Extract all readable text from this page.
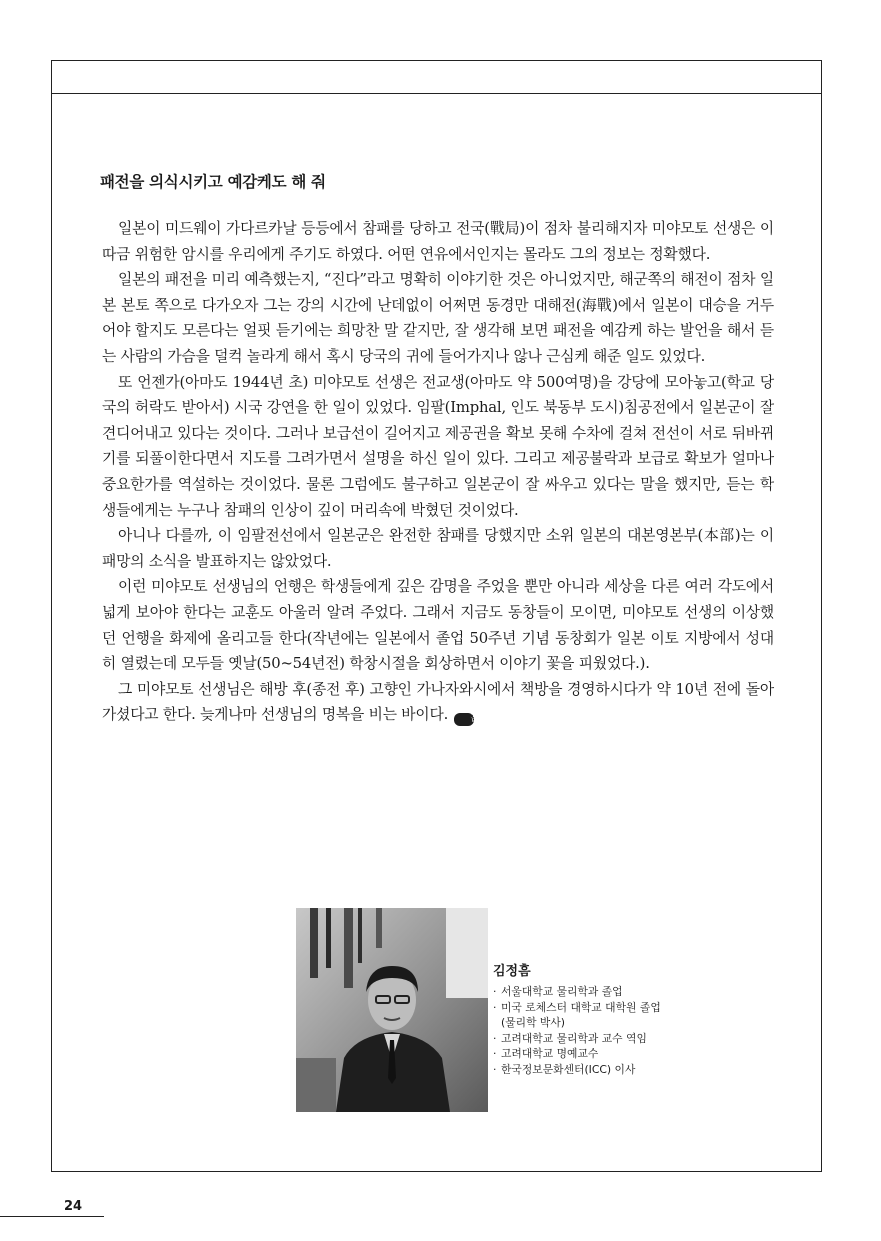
패전을 의식시키고 예감케도 해 줘

일본이 미드웨이 가다르카날 등등에서 참패를 당하고 전국(戰局)이 점차 불리해지자 미야모토 선생은 이따금 위험한 암시를 우리에게 주기도 하였다. 어떤 연유에서인지는 몰라도 그의 정보는 정확했다.

일본의 패전을 미리 예측했는지, “진다”라고 명확히 이야기한 것은 아니었지만, 해군쪽의 해전이 점차 일본 본토 쪽으로 다가오자 그는 강의 시간에 난데없이 어쩌면 동경만 대해전(海戰)에서 일본이 대승을 거두어야 할지도 모른다는 얼핏 듣기에는 희망찬 말 같지만, 잘 생각해 보면 패전을 예감케 하는 발언을 해서 듣는 사람의 가슴을 덜컥 놀라게 해서 혹시 당국의 귀에 들어가지나 않나 근심케 해준 일도 있었다.

또 언젠가(아마도 1944년 초) 미야모토 선생은 전교생(아마도 약 500여명)을 강당에 모아놓고(학교 당국의 허락도 받아서) 시국 강연을 한 일이 있었다. 임팔(Imphal, 인도 북동부 도시)침공전에서 일본군이 잘 견디어내고 있다는 것이다. 그러나 보급선이 길어지고 제공권을 확보 못해 수차에 걸쳐 전선이 서로 뒤바뀌기를 되풀이한다면서 지도를 그려가면서 설명을 하신 일이 있다. 그리고 제공불락과 보급로 확보가 얼마나 중요한가를 역설하는 것이었다. 물론 그럼에도 불구하고 일본군이 잘 싸우고 있다는 말을 했지만, 듣는 학생들에게는 누구나 참패의 인상이 깊이 머리속에 박혔던 것이었다.

아니나 다를까, 이 임팔전선에서 일본군은 완전한 참패를 당했지만 소위 일본의 대본영본부(本部)는 이 패망의 소식을 발표하지는 않았었다.

이런 미야모토 선생님의 언행은 학생들에게 깊은 감명을 주었을 뿐만 아니라 세상을 다른 여러 각도에서 넓게 보아야 한다는 교훈도 아울러 알려 주었다. 그래서 지금도 동창들이 모이면, 미야모토 선생의 이상했던 언행을 화제에 올리고들 한다(작년에는 일본에서 졸업 50주년 기념 동창회가 일본 이토 지방에서 성대히 열렸는데 모두들 옛날(50~54년전) 학창시절을 회상하면서 이야기 꽃을 피웠었다.).

그 미야모토 선생님은 해방 후(종전 후) 고향인 가나자와시에서 책방을 경영하시다가 약 10년 전에 돌아가셨다고 한다. 늦게나마 선생님의 명복을 비는 바이다. 끝

김정흠

· 서울대학교 물리학과 졸업
· 미국 로체스터 대학교 대학원 졸업
(물리학 박사)
· 고려대학교 물리학과 교수 역임
· 고려대학교 명예교수
· 한국정보문화센터(ICC) 이사
24
